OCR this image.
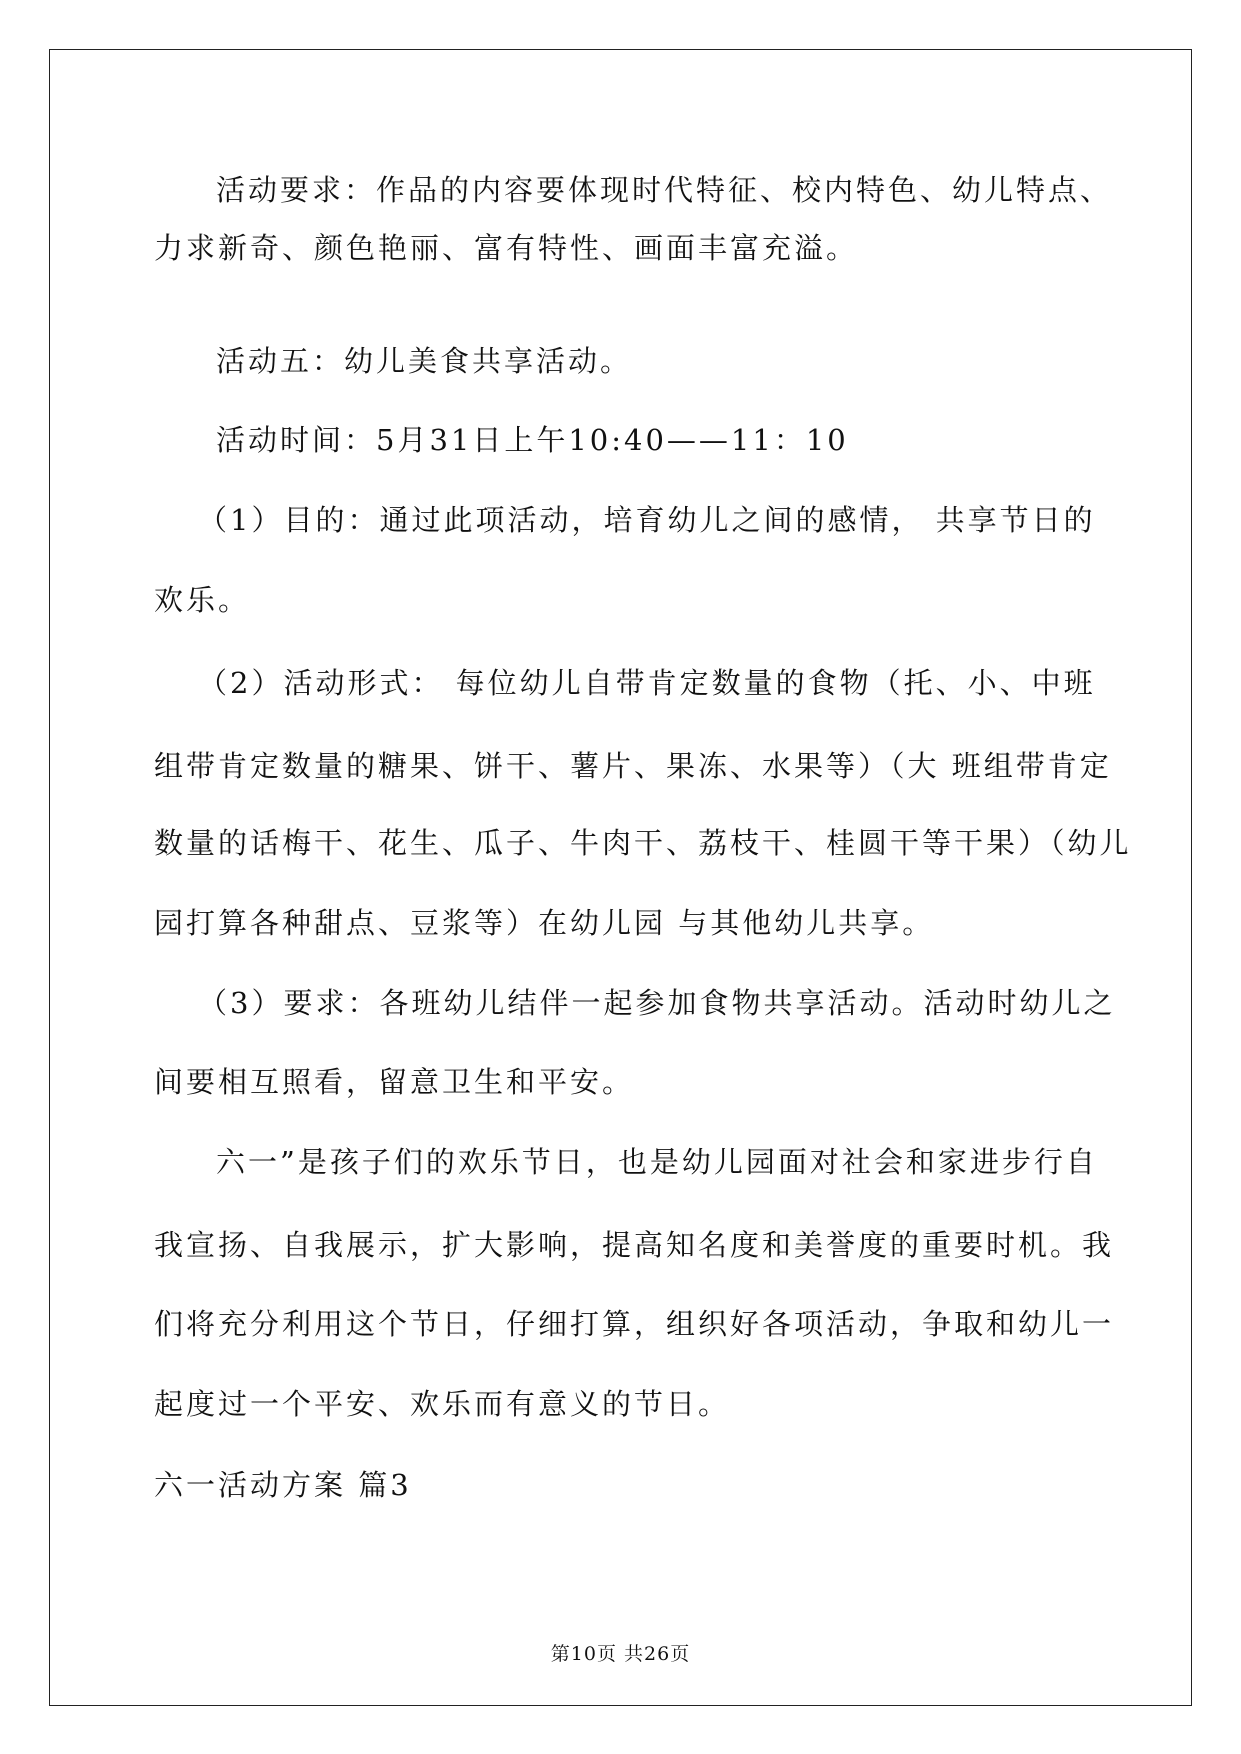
活动要求：作品的内容要体现时代特征、校内特色、幼儿特点、
力求新奇、颜色艳丽、富有特性、画面丰富充溢。
活动五：幼儿美食共享活动。
活动时间：5月31日上午10:40——11：10
（1）目的：通过此项活动，培育幼儿之间的感情， 共享节日的
欢乐。
（2）活动形式： 每位幼儿自带肯定数量的食物（托、小、中班
组带肯定数量的糖果、饼干、薯片、果冻、水果等）（大 班组带肯定
数量的话梅干、花生、瓜子、牛肉干、荔枝干、桂圆干等干果）（幼儿
园打算各种甜点、豆浆等）在幼儿园 与其他幼儿共享。
（3）要求：各班幼儿结伴一起参加食物共享活动。活动时幼儿之
间要相互照看，留意卫生和平安。
六一”是孩子们的欢乐节日，也是幼儿园面对社会和家进步行自
我宣扬、自我展示，扩大影响，提高知名度和美誉度的重要时机。我
们将充分利用这个节日，仔细打算，组织好各项活动，争取和幼儿一
起度过一个平安、欢乐而有意义的节日。
六一活动方案 篇3
第10页 共26页
